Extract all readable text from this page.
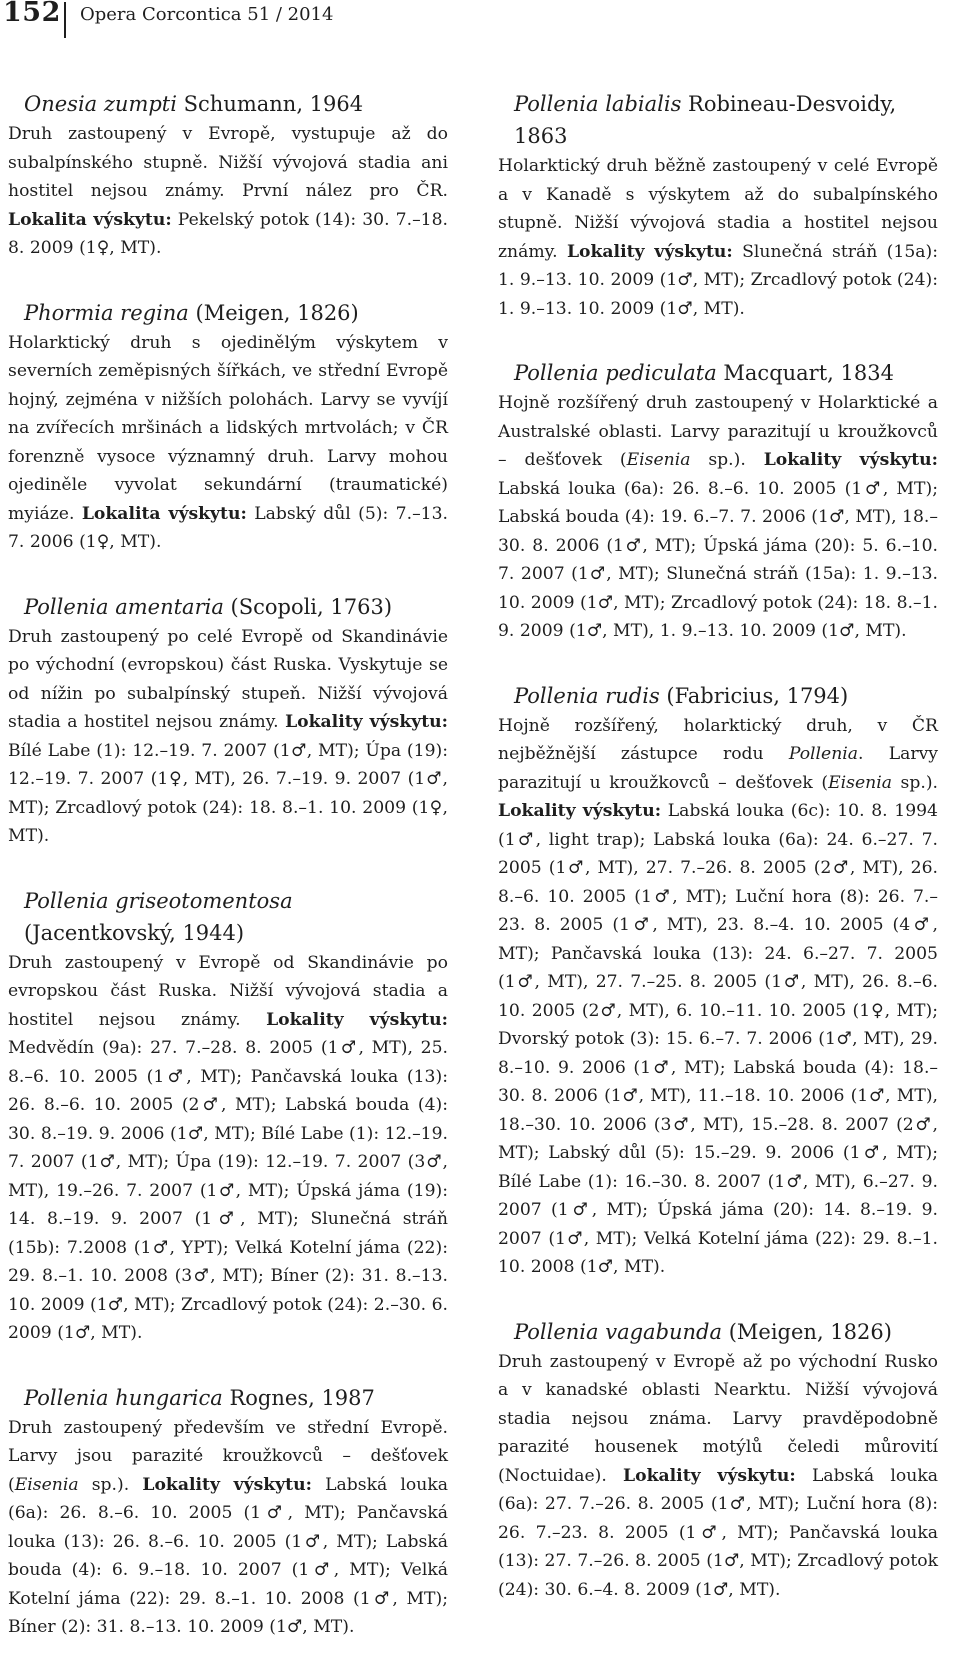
152 Opera Corcontica 51 / 2014

Onesia zumpti Schumann, 1964

Druh zastoupený v Evropě, vystupuje až do subalpínského stupně. Nižší vývojová stadia ani hostitel nejsou známy. První nález pro ČR. Lokalita výskytu: Pekelský potok (14): 30. 7.–18. 8. 2009 (1♀, MT).

Phormia regina (Meigen, 1826)

Holarktický druh s ojedinělým výskytem v severních zeměpisných šířkách, ve střední Evropě hojný, zejména v nižších polohách. Larvy se vyvíjí na zvířecích mršinách a lidských mrtvolách; v ČR forenzně vysoce významný druh. Larvy mohou ojediněle vyvolat sekundární (traumatické) myiáze. Lokalita výskytu: Labský důl (5): 7.–13. 7. 2006 (1♀, MT).

Pollenia amentaria (Scopoli, 1763)

Druh zastoupený po celé Evropě od Skandinávie po východní (evropskou) část Ruska. Vyskytuje se od nížin po subalpínský stupeň. Nižší vývojová stadia a hostitel nejsou známy. Lokality výskytu: Bílé Labe (1): 12.–19. 7. 2007 (1♂, MT); Úpa (19): 12.–19. 7. 2007 (1♀, MT), 26. 7.–19. 9. 2007 (1♂, MT); Zrcadlový potok (24): 18. 8.–1. 10. 2009 (1♀, MT).

Pollenia griseotomentosa (Jacentkovský, 1944)

Druh zastoupený v Evropě od Skandinávie po evropskou část Ruska. Nižší vývojová stadia a hostitel nejsou známy. Lokality výskytu: Medvědín (9a): 27. 7.–28. 8. 2005 (1♂, MT), 25. 8.–6. 10. 2005 (1♂, MT); Pančavská louka (13): 26. 8.–6. 10. 2005 (2♂, MT); Labská bouda (4): 30. 8.–19. 9. 2006 (1♂, MT); Bílé Labe (1): 12.–19. 7. 2007 (1♂, MT); Úpa (19): 12.–19. 7. 2007 (3♂, MT), 19.–26. 7. 2007 (1♂, MT); Úpská jáma (19): 14. 8.–19. 9. 2007 (1♂, MT); Slunečná stráň (15b): 7.2008 (1♂, YPT); Velká Kotelní jáma (22): 29. 8.–1. 10. 2008 (3♂, MT); Bíner (2): 31. 8.–13. 10. 2009 (1♂, MT); Zrcadlový potok (24): 2.–30. 6. 2009 (1♂, MT).

Pollenia hungarica Rognes, 1987

Druh zastoupený především ve střední Evropě. Larvy jsou parazité kroužkovců – dešťovek (Eisenia sp.). Lokality výskytu: Labská louka (6a): 26. 8.–6. 10. 2005 (1♂, MT); Pančavská louka (13): 26. 8.–6. 10. 2005 (1♂, MT); Labská bouda (4): 6. 9.–18. 10. 2007 (1♂, MT); Velká Kotelní jáma (22): 29. 8.–1. 10. 2008 (1♂, MT); Bíner (2): 31. 8.–13. 10. 2009 (1♂, MT).

Pollenia labialis Robineau-Desvoidy, 1863

Holarktický druh běžně zastoupený v celé Evropě a v Kanadě s výskytem až do subalpínského stupně. Nižší vývojová stadia a hostitel nejsou známy. Lokality výskytu: Slunečná stráň (15a): 1. 9.–13. 10. 2009 (1♂, MT); Zrcadlový potok (24): 1. 9.–13. 10. 2009 (1♂, MT).

Pollenia pediculata Macquart, 1834

Hojně rozšířený druh zastoupený v Holarktické a Australské oblasti. Larvy parazitují u kroužkovců – dešťovek (Eisenia sp.). Lokality výskytu: Labská louka (6a): 26. 8.–6. 10. 2005 (1♂, MT); Labská bouda (4): 19. 6.–7. 7. 2006 (1♂, MT), 18.–30. 8. 2006 (1♂, MT); Úpská jáma (20): 5. 6.–10. 7. 2007 (1♂, MT); Slunečná stráň (15a): 1. 9.–13. 10. 2009 (1♂, MT); Zrcadlový potok (24): 18. 8.–1. 9. 2009 (1♂, MT), 1. 9.–13. 10. 2009 (1♂, MT).

Pollenia rudis (Fabricius, 1794)

Hojně rozšířený, holarktický druh, v ČR nejběžnější zástupce rodu Pollenia. Larvy parazitují u kroužkovců – dešťovek (Eisenia sp.). Lokality výskytu: Labská louka (6c): 10. 8. 1994 (1♂, light trap); Labská louka (6a): 24. 6.–27. 7. 2005 (1♂, MT), 27. 7.–26. 8. 2005 (2♂, MT), 26. 8.–6. 10. 2005 (1♂, MT); Luční hora (8): 26. 7.–23. 8. 2005 (1♂, MT), 23. 8.–4. 10. 2005 (4♂, MT); Pančavská louka (13): 24. 6.–27. 7. 2005 (1♂, MT), 27. 7.–25. 8. 2005 (1♂, MT), 26. 8.–6. 10. 2005 (2♂, MT), 6. 10.–11. 10. 2005 (1♀, MT); Dvorský potok (3): 15. 6.–7. 7. 2006 (1♂, MT), 29. 8.–10. 9. 2006 (1♂, MT); Labská bouda (4): 18.–30. 8. 2006 (1♂, MT), 11.–18. 10. 2006 (1♂, MT), 18.–30. 10. 2006 (3♂, MT), 15.–28. 8. 2007 (2♂, MT); Labský důl (5): 15.–29. 9. 2006 (1♂, MT); Bílé Labe (1): 16.–30. 8. 2007 (1♂, MT), 6.–27. 9. 2007 (1♂, MT); Úpská jáma (20): 14. 8.–19. 9. 2007 (1♂, MT); Velká Kotelní jáma (22): 29. 8.–1. 10. 2008 (1♂, MT).

Pollenia vagabunda (Meigen, 1826)

Druh zastoupený v Evropě až po východní Rusko a v kanadské oblasti Nearktu. Nižší vývojová stadia nejsou známa. Larvy pravděpodobně parazité housenek motýlů čeledi můrovití (Noctuidae). Lokality výskytu: Labská louka (6a): 27. 7.–26. 8. 2005 (1♂, MT); Luční hora (8): 26. 7.–23. 8. 2005 (1♂, MT); Pančavská louka (13): 27. 7.–26. 8. 2005 (1♂, MT); Zrcadlový potok (24): 30. 6.–4. 8. 2009 (1♂, MT).
